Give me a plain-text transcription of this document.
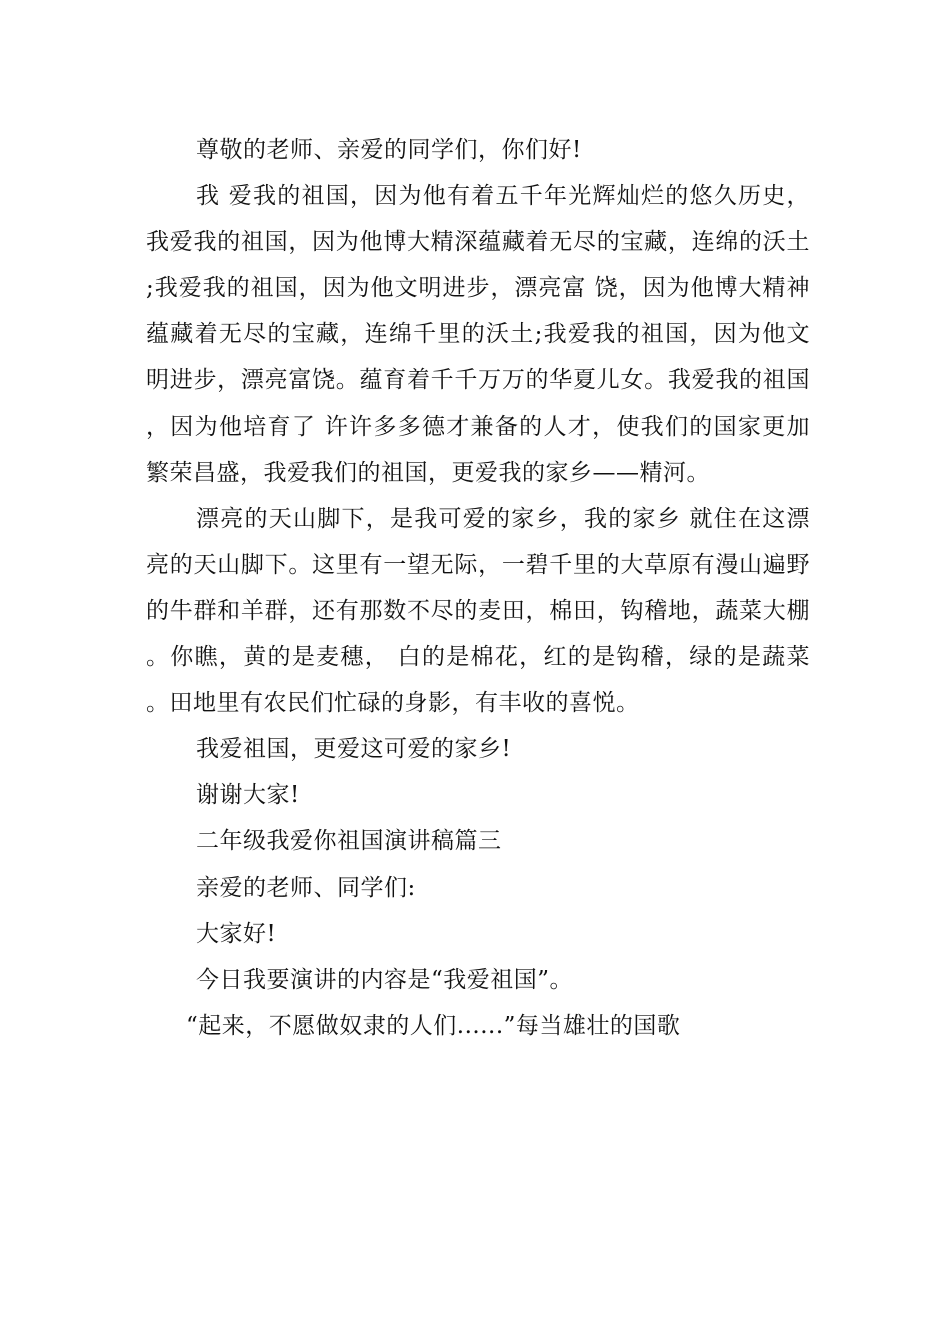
尊敬的老师、亲爱的同学们，你们好!

我 爱我的祖国，因为他有着五千年光辉灿烂的悠久历史，我爱我的祖国，因为他博大精深蕴藏着无尽的宝藏，连绵的沃土;我爱我的祖国，因为他文明进步，漂亮富 饶，因为他博大精神蕴藏着无尽的宝藏，连绵千里的沃土;我爱我的祖国，因为他文明进步，漂亮富饶。蕴育着千千万万的华夏儿女。我爱我的祖国，因为他培育了 许许多多德才兼备的人才，使我们的国家更加繁荣昌盛，我爱我们的祖国，更爱我的家乡——精河。

漂亮的天山脚下，是我可爱的家乡，我的家乡 就住在这漂亮的天山脚下。这里有一望无际，一碧千里的大草原有漫山遍野的牛群和羊群，还有那数不尽的麦田，棉田，钩稽地，蔬菜大棚。你瞧，黄的是麦穗， 白的是棉花，红的是钩稽，绿的是蔬菜。田地里有农民们忙碌的身影，有丰收的喜悦。

我爱祖国，更爱这可爱的家乡!

谢谢大家!

二年级我爱你祖国演讲稿篇三

亲爱的老师、同学们:

大家好!

今日我要演讲的内容是“我爱祖国”。

“起来，不愿做奴隶的人们......”每当雄壮的国歌
